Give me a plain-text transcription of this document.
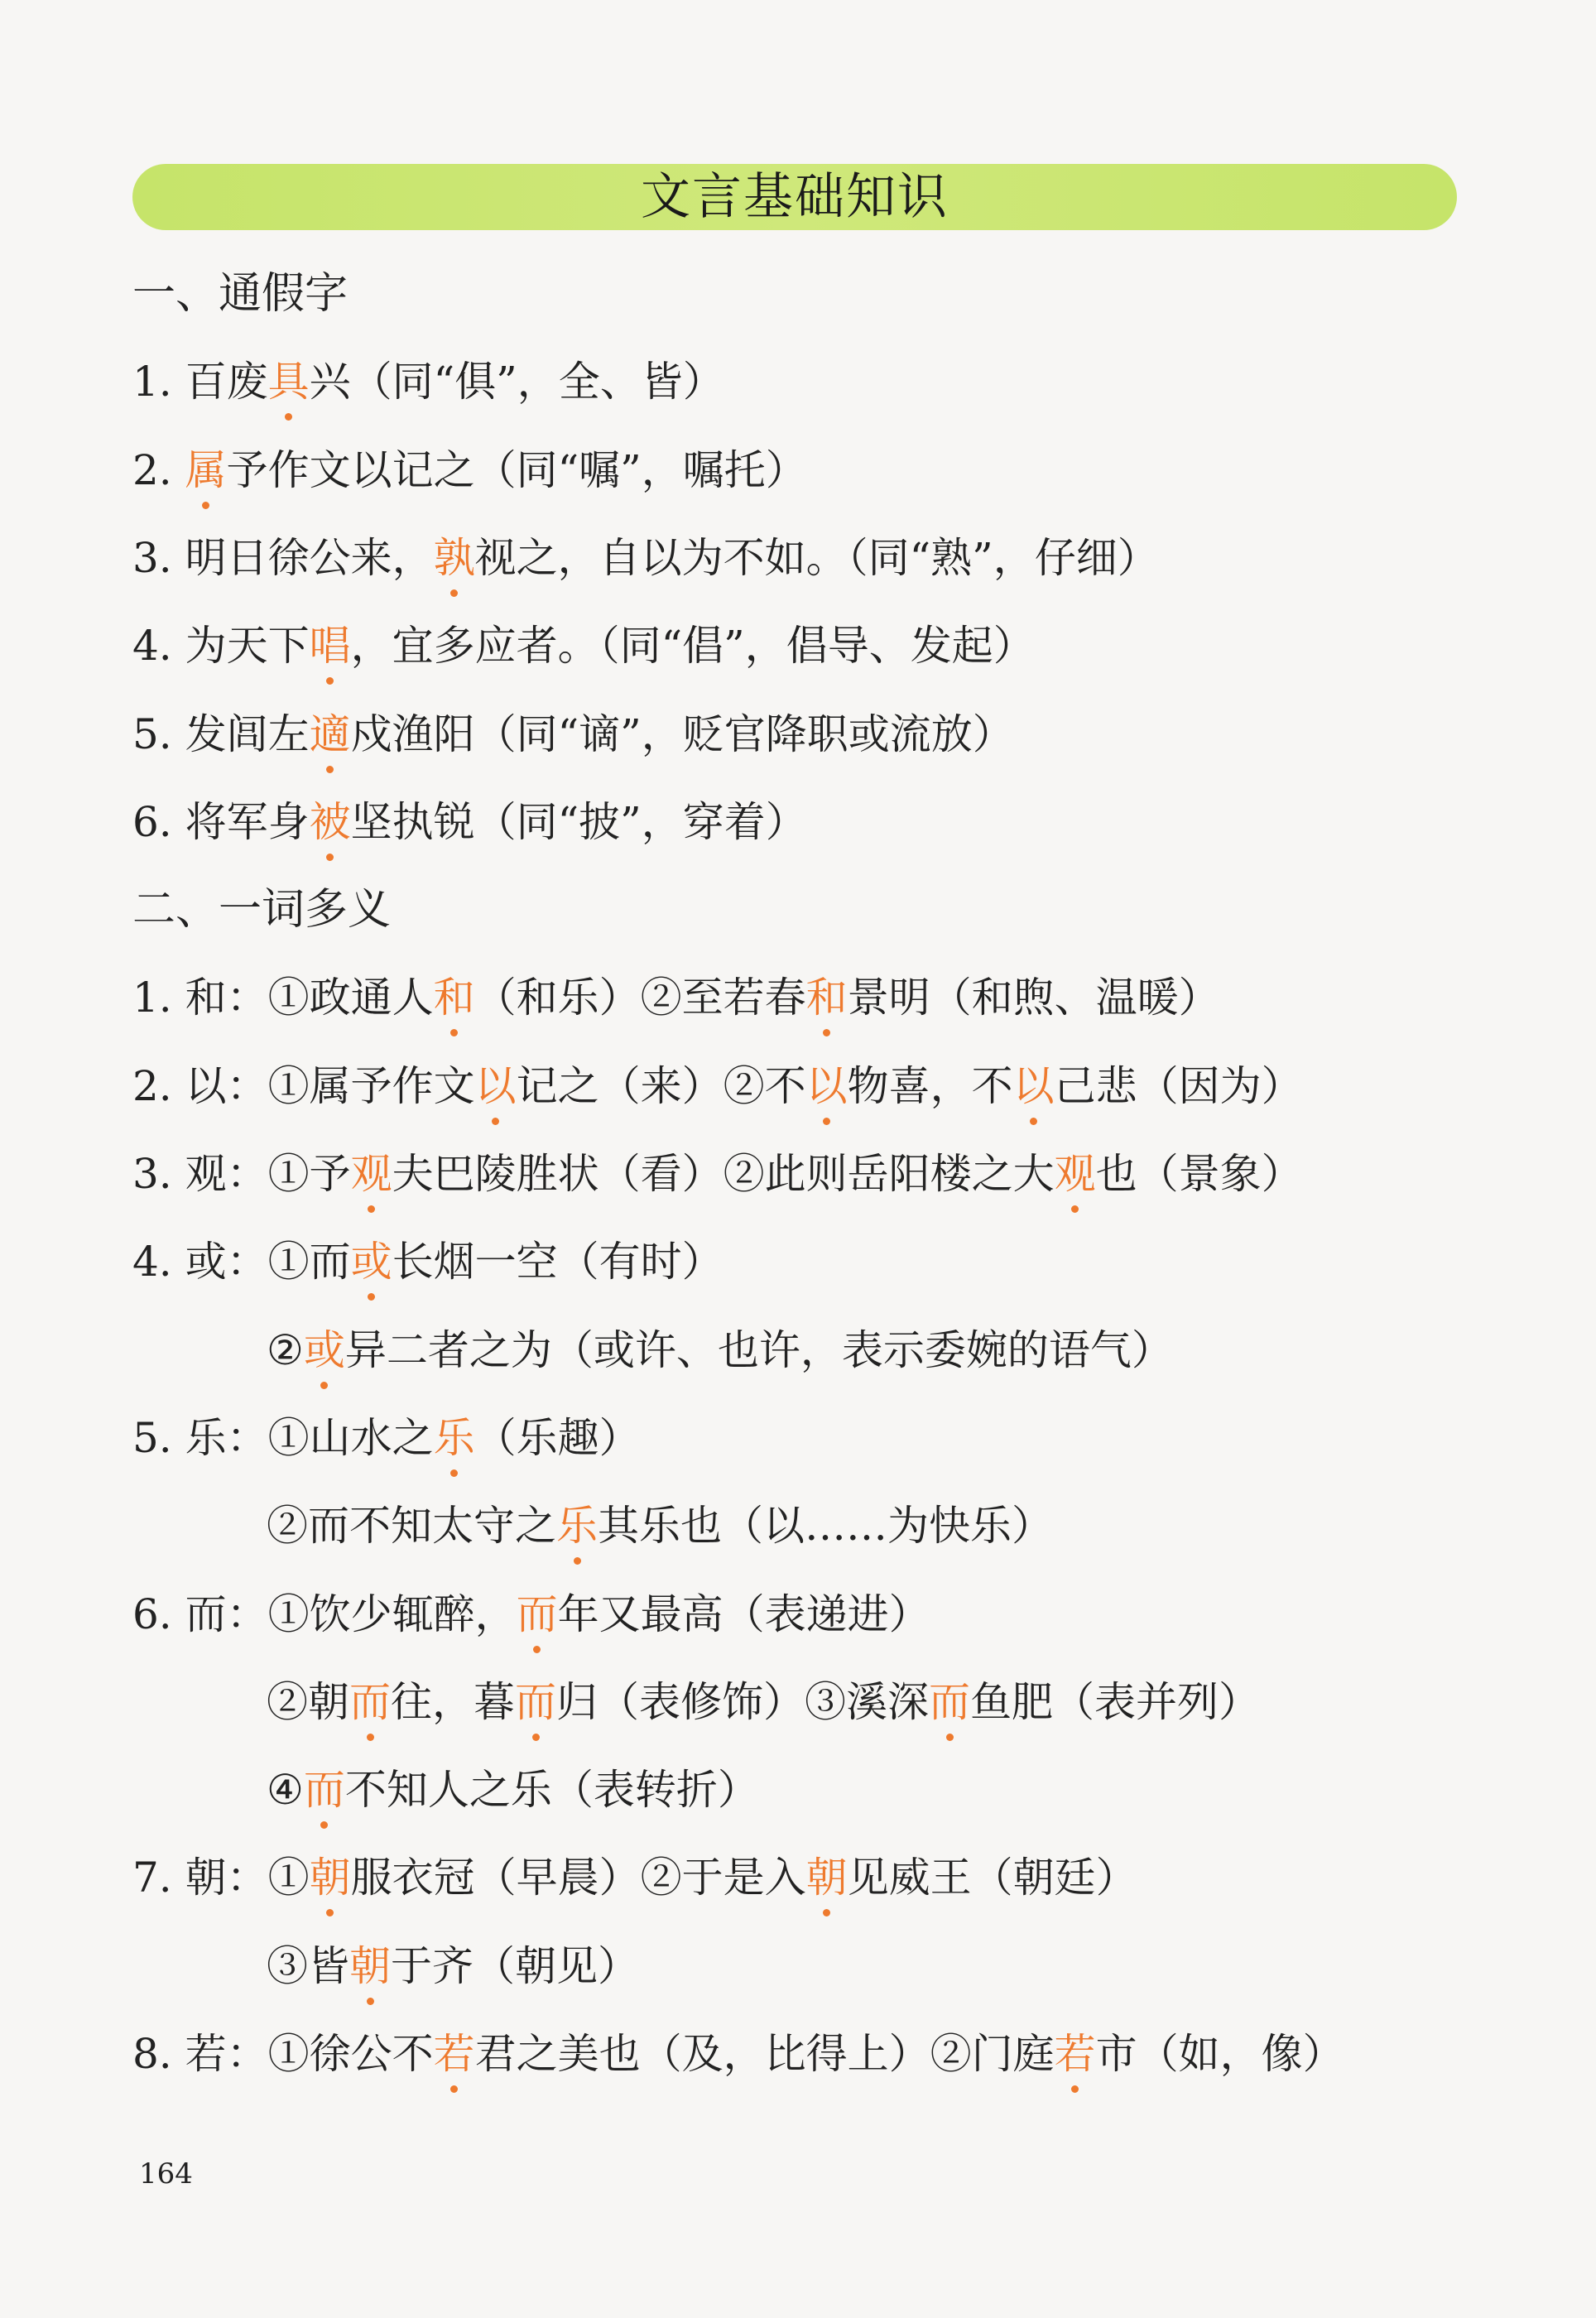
文言基础知识
一、通假字
1. 百废具兴（同“俱”，全、皆）
2. 属予作文以记之（同“嘱”，嘱托）
3. 明日徐公来，孰视之，自以为不如。（同“熟”，仔细）
4. 为天下唱，宜多应者。（同“倡”，倡导、发起）
5. 发闾左適戍渔阳（同“谪”，贬官降职或流放）
6. 将军身被坚执锐（同“披”，穿着）
二、一词多义
1. 和：①政通人和（和乐）②至若春和景明（和煦、温暖）
2. 以：①属予作文以记之（来）②不以物喜，不以己悲（因为）
3. 观：①予观夫巴陵胜状（看）②此则岳阳楼之大观也（景象）
4. 或：①而或长烟一空（有时）
②或异二者之为（或许、也许，表示委婉的语气）
5. 乐：①山水之乐（乐趣）
②而不知太守之乐其乐也（以……为快乐）
6. 而：①饮少辄醉，而年又最高（表递进）
②朝而往，暮而归（表修饰）③溪深而鱼肥（表并列）
④而不知人之乐（表转折）
7. 朝：①朝服衣冠（早晨）②于是入朝见威王（朝廷）
③皆朝于齐（朝见）
8. 若：①徐公不若君之美也（及，比得上）②门庭若市（如，像）
164
